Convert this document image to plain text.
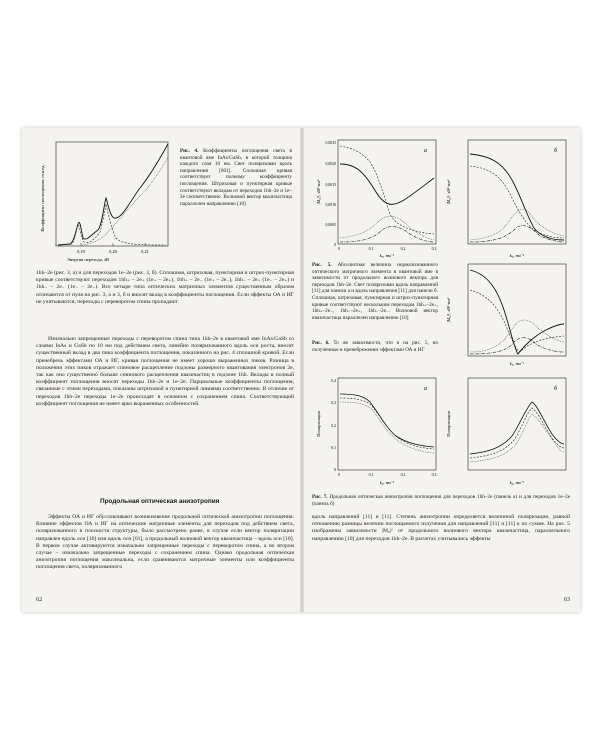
Коэффициент поглощения, отн.ед.
0,19	0,20	0,21
Энергия перехода, эВ
Рис. 4. Коэффициенты поглощения света в квантовой яме InAs/GaSb, в которой толщина каждого слоя 10 нм. Свет поляризован вдоль направления [001]. Сплошная кривая соответствует полному коэффициенту поглощения. Штриховая и пунктирная кривые соответствуют вкладам от переходов 1hh–2e и 1e–2e соответственно. Волновой вектор квазичастица параллелен направлению [10]
1hh–2e (рис. 3, а) и для переходов 1e–2e (рис. 3, б). Сплошная, штриховая, пунктирная и штрих-пунктирная кривые соответствуют переходам 1hh₊ – 2e₊ (1e₊ – 2e₊), 1hh₊ – 2e₋ (1e₊ – 2e₋), 1hh₋ – 2e₊ (1e₋ – 2e₊) и 1hh₋ – 2e₋ (1e₋ – 2e₋). Все четыре типа оптических матричных элементов существенным образом отличаются от нуля на рис. 3, а и 3, б и вносят вклад в коэффициенты поглощения. Если эффекты ОА и ИГ не учитываются, переходы с переворотом спина пропадают.
Изначально запрещенные переходы с переворотом спина типа 1hh–2e в квантовой яме InAs/GaSb со слоями InAs и GaSb по 10 нм под действием света, линейно поляризованного вдоль оси роста, вносят существенный вклад в два пика коэффициента поглощения, показанного на рис. 4 сплошной кривой. Если пренебречь эффектами ОА и ИГ, кривая поглощения не имеет хорошо выраженных пиков. Разница в положении этих пиков отражает спиновое расщепление подзоны размерного квантования электронов 2e, так как оно существенно больше спинового расщепления квазичастиц в подзоне 1hh. Вклады в полный коэффициент поглощения вносят переходы 1hh–2e и 1e–2e. Парциальные коэффициенты поглощения, связанные с этими переходами, показаны штриховой и пунктирной линиями соответственно. В отличие от переходов 1hh–2e переходы 1e–2e происходят в основном с сохранением спина. Соответствующий коэффициент поглощения не имеет ярко выраженных особенностей.
Продольная оптическая анизотропия
Эффекты ОА и ИГ обусловливают возникновение продольной оптической анизотропии поглощения. Влияние эффектов ОА и ИГ на оптические матричные элементы для переходов под действием света, поляризованного в плоскости структуры, было рассмотрено ранее, в случае если вектор поляризации направлен вдоль оси [10] или вдоль оси [01], а продольный волновой вектор квазичастица – вдоль оси [10]. В первом случае активируются изначально запрещенные переходы с переворотом спина, а во втором случае – изначально запрещенные переходы с сохранением спина. Однако продольная оптическая анизотропия поглощения максимальна, если сравниваются матричные элементы или коэффициенты поглощения света, поляризованного
62
|M₀|², эВ²·нм²
0,0025
0,0020
0,0015
0,0010
0,0005
0
а
0	0,1	0,2	0,3
k₀, нм⁻¹
|M₀|², эВ²·нм²
б
k₀, нм⁻¹
Рис. 5. Абсолютная величина нормализованного оптического матричного элемента в квантовой яме в зависимости от продольного волнового вектора для переходов 1hh–2e. Свет поляризован вдоль направлений [11] для панели а и вдоль направления [11] для панели б. Сплошная, штриховая, пунктирная и штрих-пунктирная кривые соответствуют нескольким переходам 1hh₊–2e₊, 1hh₊–2e₋, 1hh₋–2e₊, 1hh₋–2e₋. Волновой вектор квазичастица параллелен направлению [10]	|M₀|², эВ²·нм²
k₀, нм⁻¹
Рис. 6. То же зависимости, что и на рис. 5, но полученные в пренебрежении эффектами ОА и ИГ
Поляризация
0,4
0,3
0,2
0,1
0
а
0	0,1	0,2	0,3
k₀, нм⁻¹
Поляризация
б
k₀, нм⁻¹
Рис. 7. Продольная оптическая анизотропия поглощения для переходов 1hh–2e (панель а) и для переходов 1e–2e (панель б)
вдоль направлений [11] и [11]. Степень анизотропии определяется величиной поляризации, равной отношению разницы величин поглощаемого излучения для направлений [11] и [11] к их сумме. На рис. 5 изображены зависимости |M₀|² от продольного волнового вектора квазичастица, параллельного направлению [10] для переходов 1hh–2e. В расчетах учитывались эффекты
63
